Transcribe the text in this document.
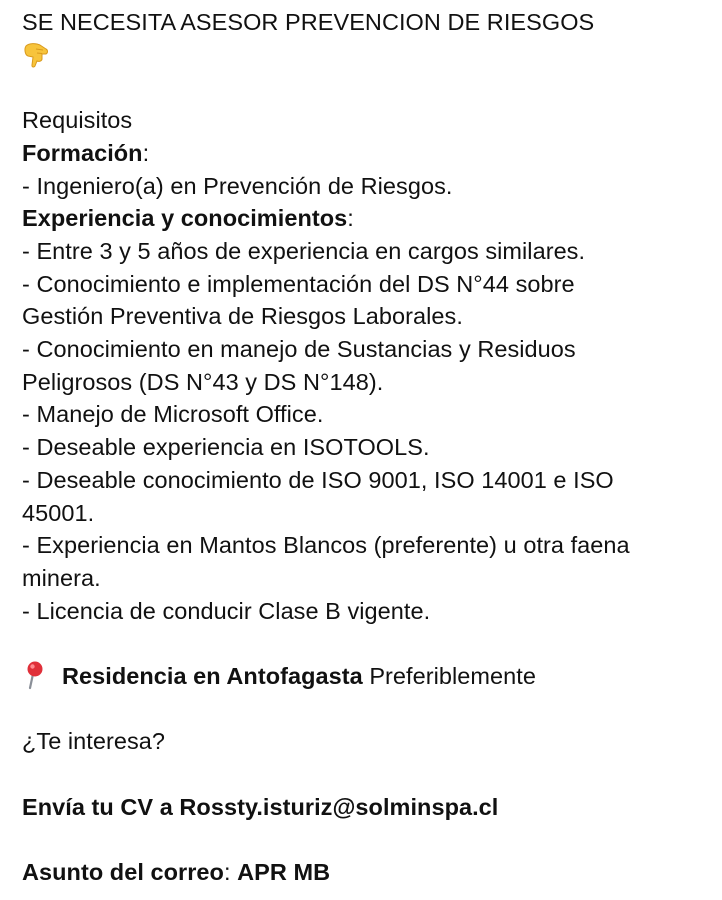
SE NECESITA ASESOR PREVENCION DE RIESGOS
Requisitos
Formación:
- Ingeniero(a) en Prevención de Riesgos.
Experiencia y conocimientos:
- Entre 3 y 5 años de experiencia en cargos similares.
- Conocimiento e implementación del DS N°44 sobre
Gestión Preventiva de Riesgos Laborales.
- Conocimiento en manejo de Sustancias y Residuos
Peligrosos (DS N°43 y DS N°148).
- Manejo de Microsoft Office.
- Deseable experiencia en ISOTOOLS.
- Deseable conocimiento de ISO 9001, ISO 14001 e ISO
45001.
- Experiencia en Mantos Blancos (preferente) u otra faena
minera.
- Licencia de conducir Clase B vigente.
Residencia en Antofagasta Preferiblemente
¿Te interesa?
Envía tu CV a Rossty.isturiz@solminspa.cl
Asunto del correo: APR MB
